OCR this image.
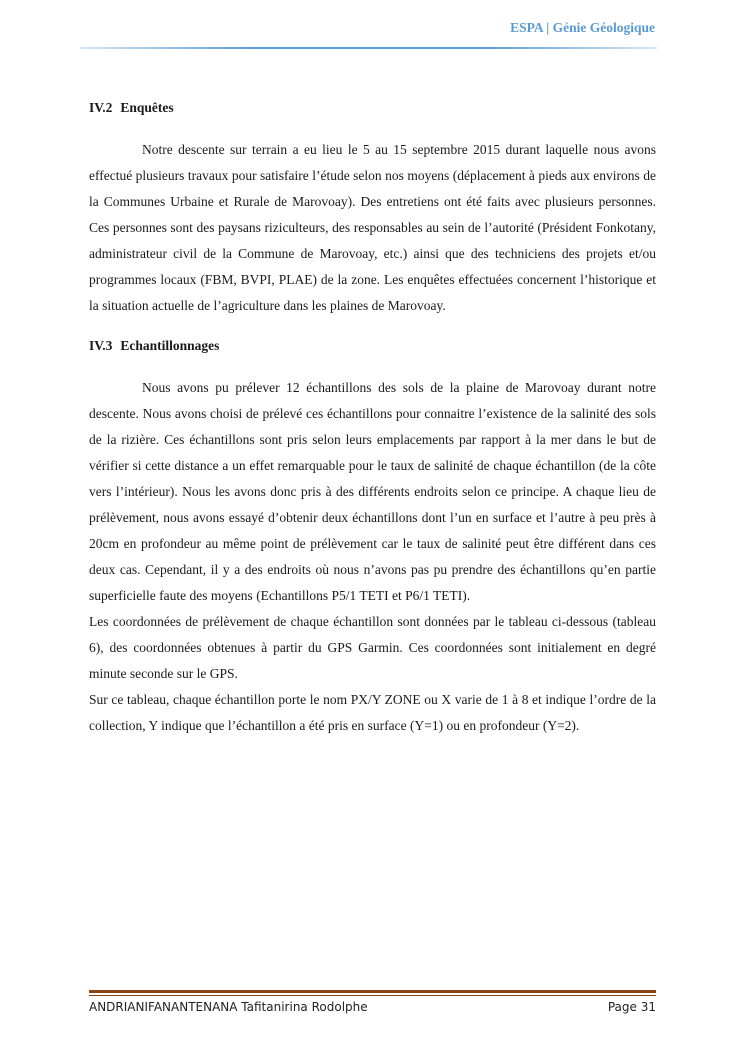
ESPA | Génie Géologique
IV.2 Enquêtes

Notre descente sur terrain a eu lieu le 5 au 15 septembre 2015 durant laquelle nous avons effectué plusieurs travaux pour satisfaire l’étude selon nos moyens (déplacement à pieds aux environs de la Communes Urbaine et Rurale de Marovoay). Des entretiens ont été faits avec plusieurs personnes. Ces personnes sont des paysans riziculteurs, des responsables au sein de l’autorité (Président Fonkotany, administrateur civil de la Commune de Marovoay, etc.) ainsi que des techniciens des projets et/ou programmes locaux (FBM, BVPI, PLAE) de la zone. Les enquêtes effectuées concernent l’historique et la situation actuelle de l’agriculture dans les plaines de Marovoay.

IV.3 Echantillonnages

Nous avons pu prélever 12 échantillons des sols de la plaine de Marovoay durant notre descente. Nous avons choisi de prélevé ces échantillons pour connaitre l’existence de la salinité des sols de la rizière. Ces échantillons sont pris selon leurs emplacements par rapport à la mer dans le but de vérifier si cette distance a un effet remarquable pour le taux de salinité de chaque échantillon (de la côte vers l’intérieur). Nous les avons donc pris à des différents endroits selon ce principe. A chaque lieu de prélèvement, nous avons essayé d’obtenir deux échantillons dont l’un en surface et l’autre à peu près à 20cm en profondeur au même point de prélèvement car le taux de salinité peut être différent dans ces deux cas. Cependant, il y a des endroits où nous n’avons pas pu prendre des échantillons qu’en partie superficielle faute des moyens (Echantillons P5/1 TETI et P6/1 TETI).

Les coordonnées de prélèvement de chaque échantillon sont données par le tableau ci-dessous (tableau 6), des coordonnées obtenues à partir du GPS Garmin. Ces coordonnées sont initialement en degré minute seconde sur le GPS.

Sur ce tableau, chaque échantillon porte le nom PX/Y ZONE ou X varie de 1 à 8 et indique l’ordre de la collection, Y indique que l’échantillon a été pris en surface (Y=1) ou en profondeur (Y=2).

ANDRIANIFANANTENANA Tafitanirina Rodolphe	Page 31
